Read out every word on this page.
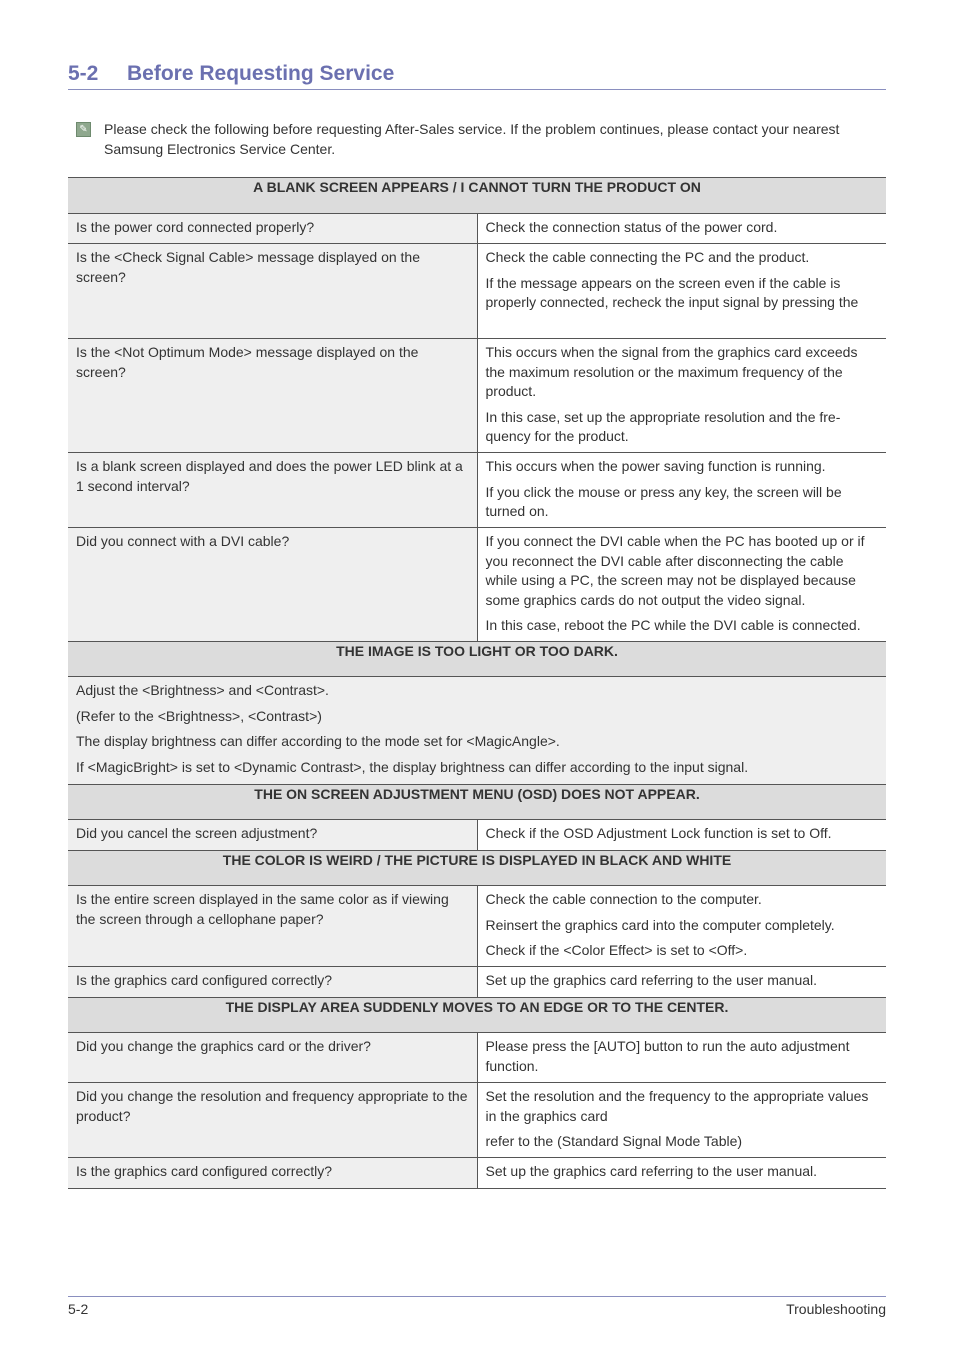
5-2 Before Requesting Service
✎ Please check the following before requesting After-Sales service. If the problem continues, please contact your nearest Samsung Electronics Service Center.
A BLANK SCREEN APPEARS / I CANNOT TURN THE PRODUCT ON	

Is the power cord connected properly?	Check the connection status of the power cord.

Is the <Check Signal Cable> message displayed on the screen?	Check the cable connecting the PC and the product.

If the message appears on the screen even if the cable is properly connected, recheck the input signal by pressing the

Is the <Not Optimum Mode> message displayed on the screen?	This occurs when the signal from the graphics card exceeds the maximum resolution or the maximum frequency of the product.

In this case, set up the appropriate resolution and the fre-quency for the product.

Is a blank screen displayed and does the power LED blink at a 1 second interval?	This occurs when the power saving function is running.

If you click the mouse or press any key, the screen will be turned on.

Did you connect with a DVI cable?	If you connect the DVI cable when the PC has booted up or if you reconnect the DVI cable after disconnecting the cable while using a PC, the screen may not be displayed because some graphics cards do not output the video signal.

In this case, reboot the PC while the DVI cable is connected.

THE IMAGE IS TOO LIGHT OR TOO DARK.	

Adjust the <Brightness> and <Contrast>.

(Refer to the <Brightness>, <Contrast>)

The display brightness can differ according to the mode set for <MagicAngle>.

If <MagicBright> is set to <Dynamic Contrast>, the display brightness can differ according to the input signal.	

THE ON SCREEN ADJUSTMENT MENU (OSD) DOES NOT APPEAR.	

Did you cancel the screen adjustment?	Check if the OSD Adjustment Lock function is set to Off.

THE COLOR IS WEIRD / THE PICTURE IS DISPLAYED IN BLACK AND WHITE	

Is the entire screen displayed in the same color as if viewing the screen through a cellophane paper?	Check the cable connection to the computer.

Reinsert the graphics card into the computer completely.

Check if the <Color Effect> is set to <Off>.

Is the graphics card configured correctly?	Set up the graphics card referring to the user manual.

THE DISPLAY AREA SUDDENLY MOVES TO AN EDGE OR TO THE CENTER.	

Did you change the graphics card or the driver?	Please press the [AUTO] button to run the auto adjustment function.

Did you change the resolution and frequency appropriate to the product?	Set the resolution and the frequency to the appropriate values in the graphics card

refer to the (Standard Signal Mode Table)

Is the graphics card configured correctly?	Set up the graphics card referring to the user manual.

5-2	Troubleshooting
